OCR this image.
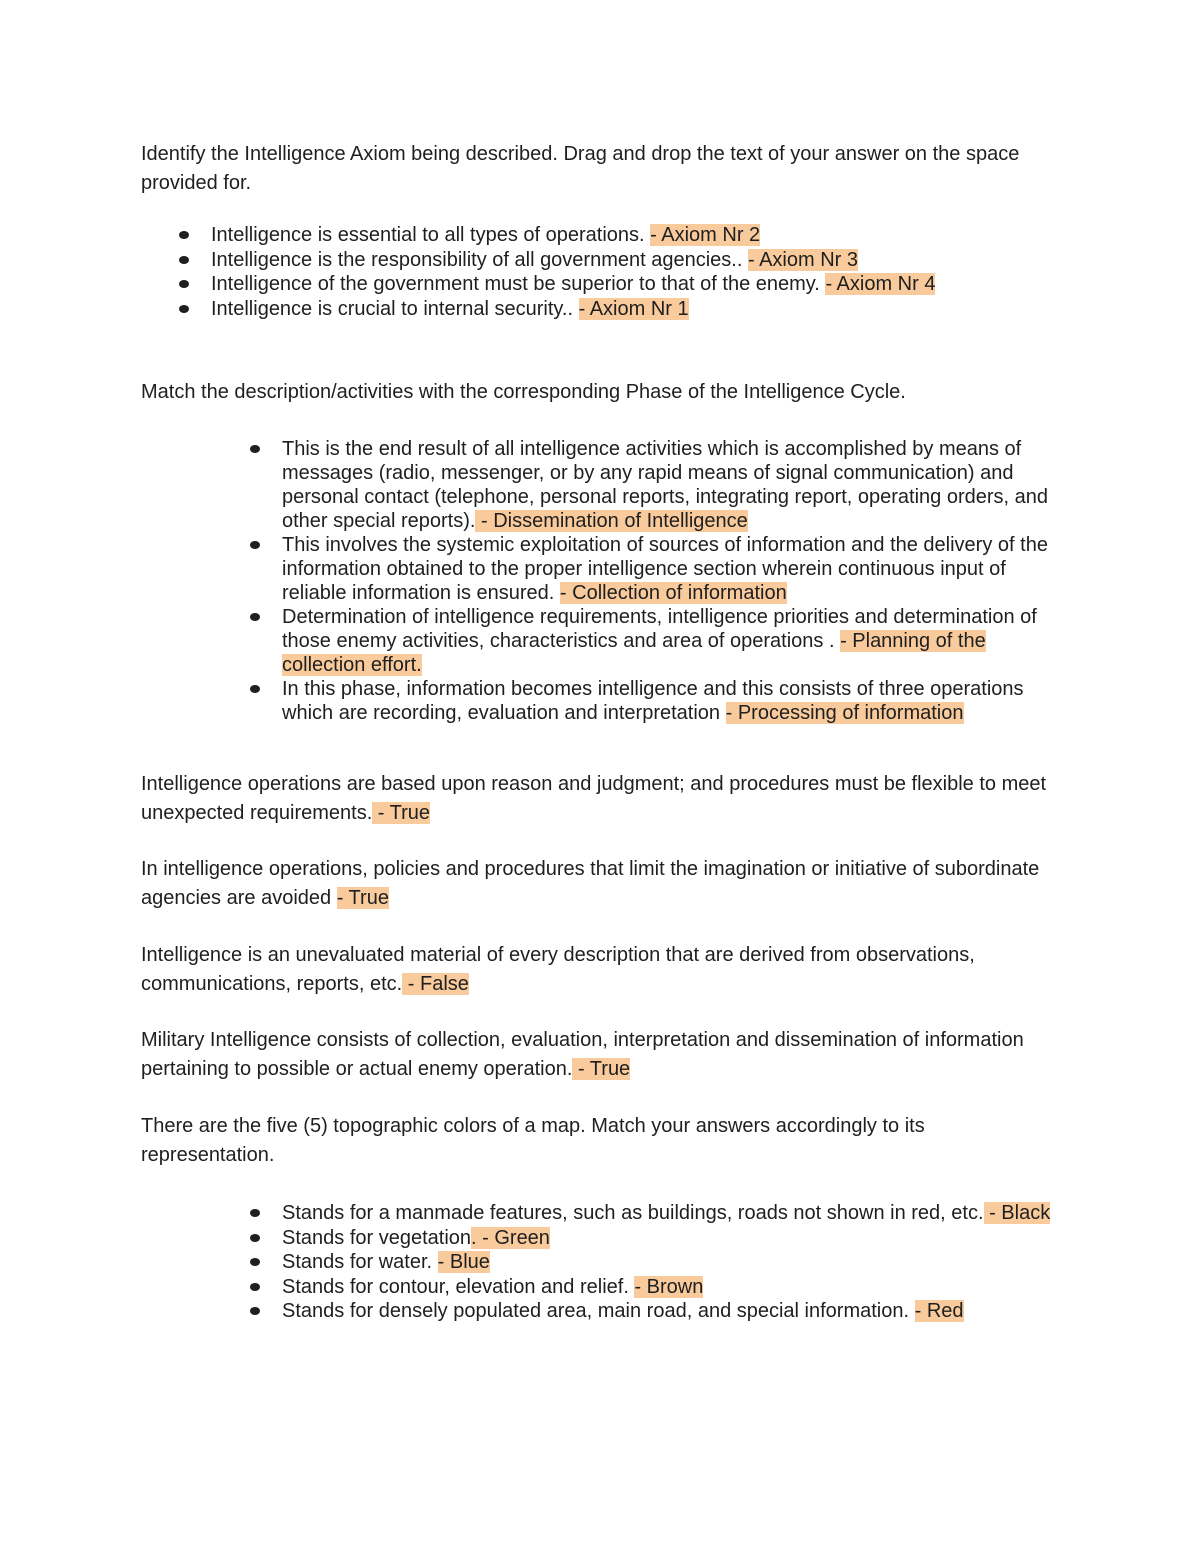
Identify the Intelligence Axiom being described. Drag and drop the text of your answer on the space provided for.

Intelligence is essential to all types of operations. - Axiom Nr 2
Intelligence is the responsibility of all government agencies.. - Axiom Nr 3
Intelligence of the government must be superior to that of the enemy. - Axiom Nr 4
Intelligence is crucial to internal security.. - Axiom Nr 1

Match the description/activities with the corresponding Phase of the Intelligence Cycle.

This is the end result of all intelligence activities which is accomplished by means of messages (radio, messenger, or by any rapid means of signal communication) and personal contact (telephone, personal reports, integrating report, operating orders, and other special reports). - Dissemination of Intelligence
This involves the systemic exploitation of sources of information and the delivery of the information obtained to the proper intelligence section wherein continuous input of reliable information is ensured. - Collection of information
Determination of intelligence requirements, intelligence priorities and determination of those enemy activities, characteristics and area of operations . - Planning of the collection effort.
In this phase, information becomes intelligence and this consists of three operations which are recording, evaluation and interpretation - Processing of information

Intelligence operations are based upon reason and judgment; and procedures must be flexible to meet unexpected requirements. - True

In intelligence operations, policies and procedures that limit the imagination or initiative of subordinate agencies are avoided - True

Intelligence is an unevaluated material of every description that are derived from observations, communications, reports, etc. - False

Military Intelligence consists of collection, evaluation, interpretation and dissemination of information pertaining to possible or actual enemy operation. - True

There are the five (5) topographic colors of a map. Match your answers accordingly to its representation.

Stands for a manmade features, such as buildings, roads not shown in red, etc. - Black
Stands for vegetation. - Green
Stands for water. - Blue
Stands for contour, elevation and relief. - Brown
Stands for densely populated area, main road, and special information. - Red
